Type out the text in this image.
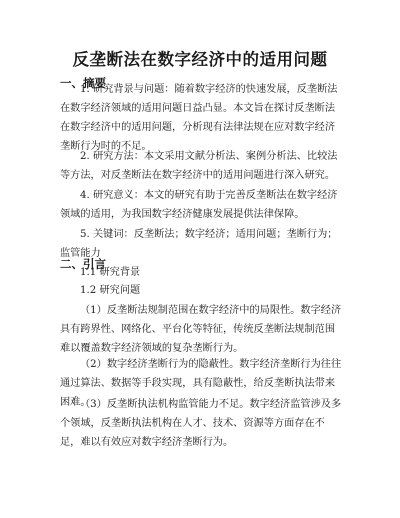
反垄断法在数字经济中的适用问题
一、摘要

1. 研究背景与问题：随着数字经济的快速发展，反垄断法在数字经济领域的适用问题日益凸显。本文旨在探讨反垄断法在数字经济中的适用问题，分析现有法律法规在应对数字经济垄断行为时的不足。

2. 研究方法：本文采用文献分析法、案例分析法、比较法等方法，对反垄断法在数字经济中的适用问题进行深入研究。

4. 研究意义：本文的研究有助于完善反垄断法在数字经济领域的适用，为我国数字经济健康发展提供法律保障。

5. 关键词：反垄断法；数字经济；适用问题；垄断行为；监管能力

二、引言
1.1 研究背景
1.2 研究问题

（1）反垄断法规制范围在数字经济中的局限性。数字经济具有跨界性、网络化、平台化等特征，传统反垄断法规制范围难以覆盖数字经济领域的复杂垄断行为。

（2）数字经济垄断行为的隐蔽性。数字经济垄断行为往往通过算法、数据等手段实现，具有隐蔽性，给反垄断执法带来困难。

（3）反垄断执法机构监管能力不足。数字经济监管涉及多个领域，反垄断执法机构在人才、技术、资源等方面存在不足，难以有效应对数字经济垄断行为。
